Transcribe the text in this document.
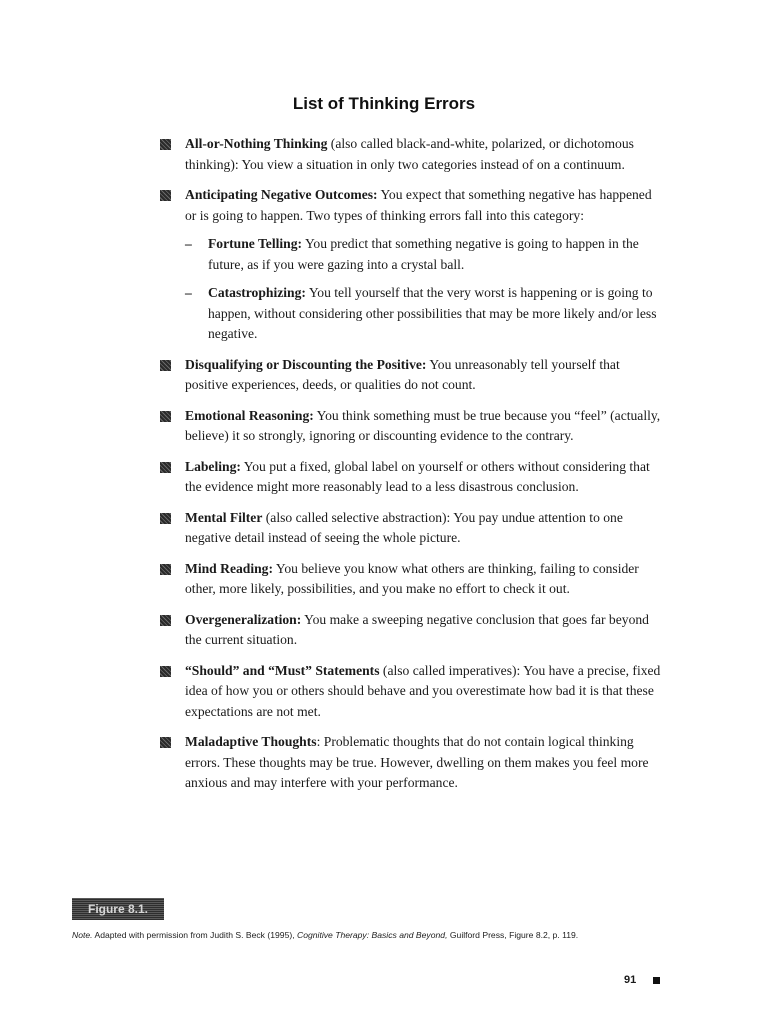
List of Thinking Errors
All-or-Nothing Thinking (also called black-and-white, polarized, or dichotomous thinking): You view a situation in only two categories instead of on a continuum.
Anticipating Negative Outcomes: You expect that something negative has happened or is going to happen. Two types of thinking errors fall into this category:
– Fortune Telling: You predict that something negative is going to happen in the future, as if you were gazing into a crystal ball.
– Catastrophizing: You tell yourself that the very worst is happening or is going to happen, without considering other possibilities that may be more likely and/or less negative.
Disqualifying or Discounting the Positive: You unreasonably tell yourself that positive experiences, deeds, or qualities do not count.
Emotional Reasoning: You think something must be true because you “feel” (actually, believe) it so strongly, ignoring or discounting evidence to the contrary.
Labeling: You put a fixed, global label on yourself or others without considering that the evidence might more reasonably lead to a less disastrous conclusion.
Mental Filter (also called selective abstraction): You pay undue attention to one negative detail instead of seeing the whole picture.
Mind Reading: You believe you know what others are thinking, failing to consider other, more likely, possibilities, and you make no effort to check it out.
Overgeneralization: You make a sweeping negative conclusion that goes far beyond the current situation.
“Should” and “Must” Statements (also called imperatives): You have a precise, fixed idea of how you or others should behave and you overestimate how bad it is that these expectations are not met.
Maladaptive Thoughts: Problematic thoughts that do not contain logical thinking errors. These thoughts may be true. However, dwelling on them makes you feel more anxious and may interfere with your performance.
Figure 8.1.
Note. Adapted with permission from Judith S. Beck (1995), Cognitive Therapy: Basics and Beyond, Guilford Press, Figure 8.2, p. 119.
91
